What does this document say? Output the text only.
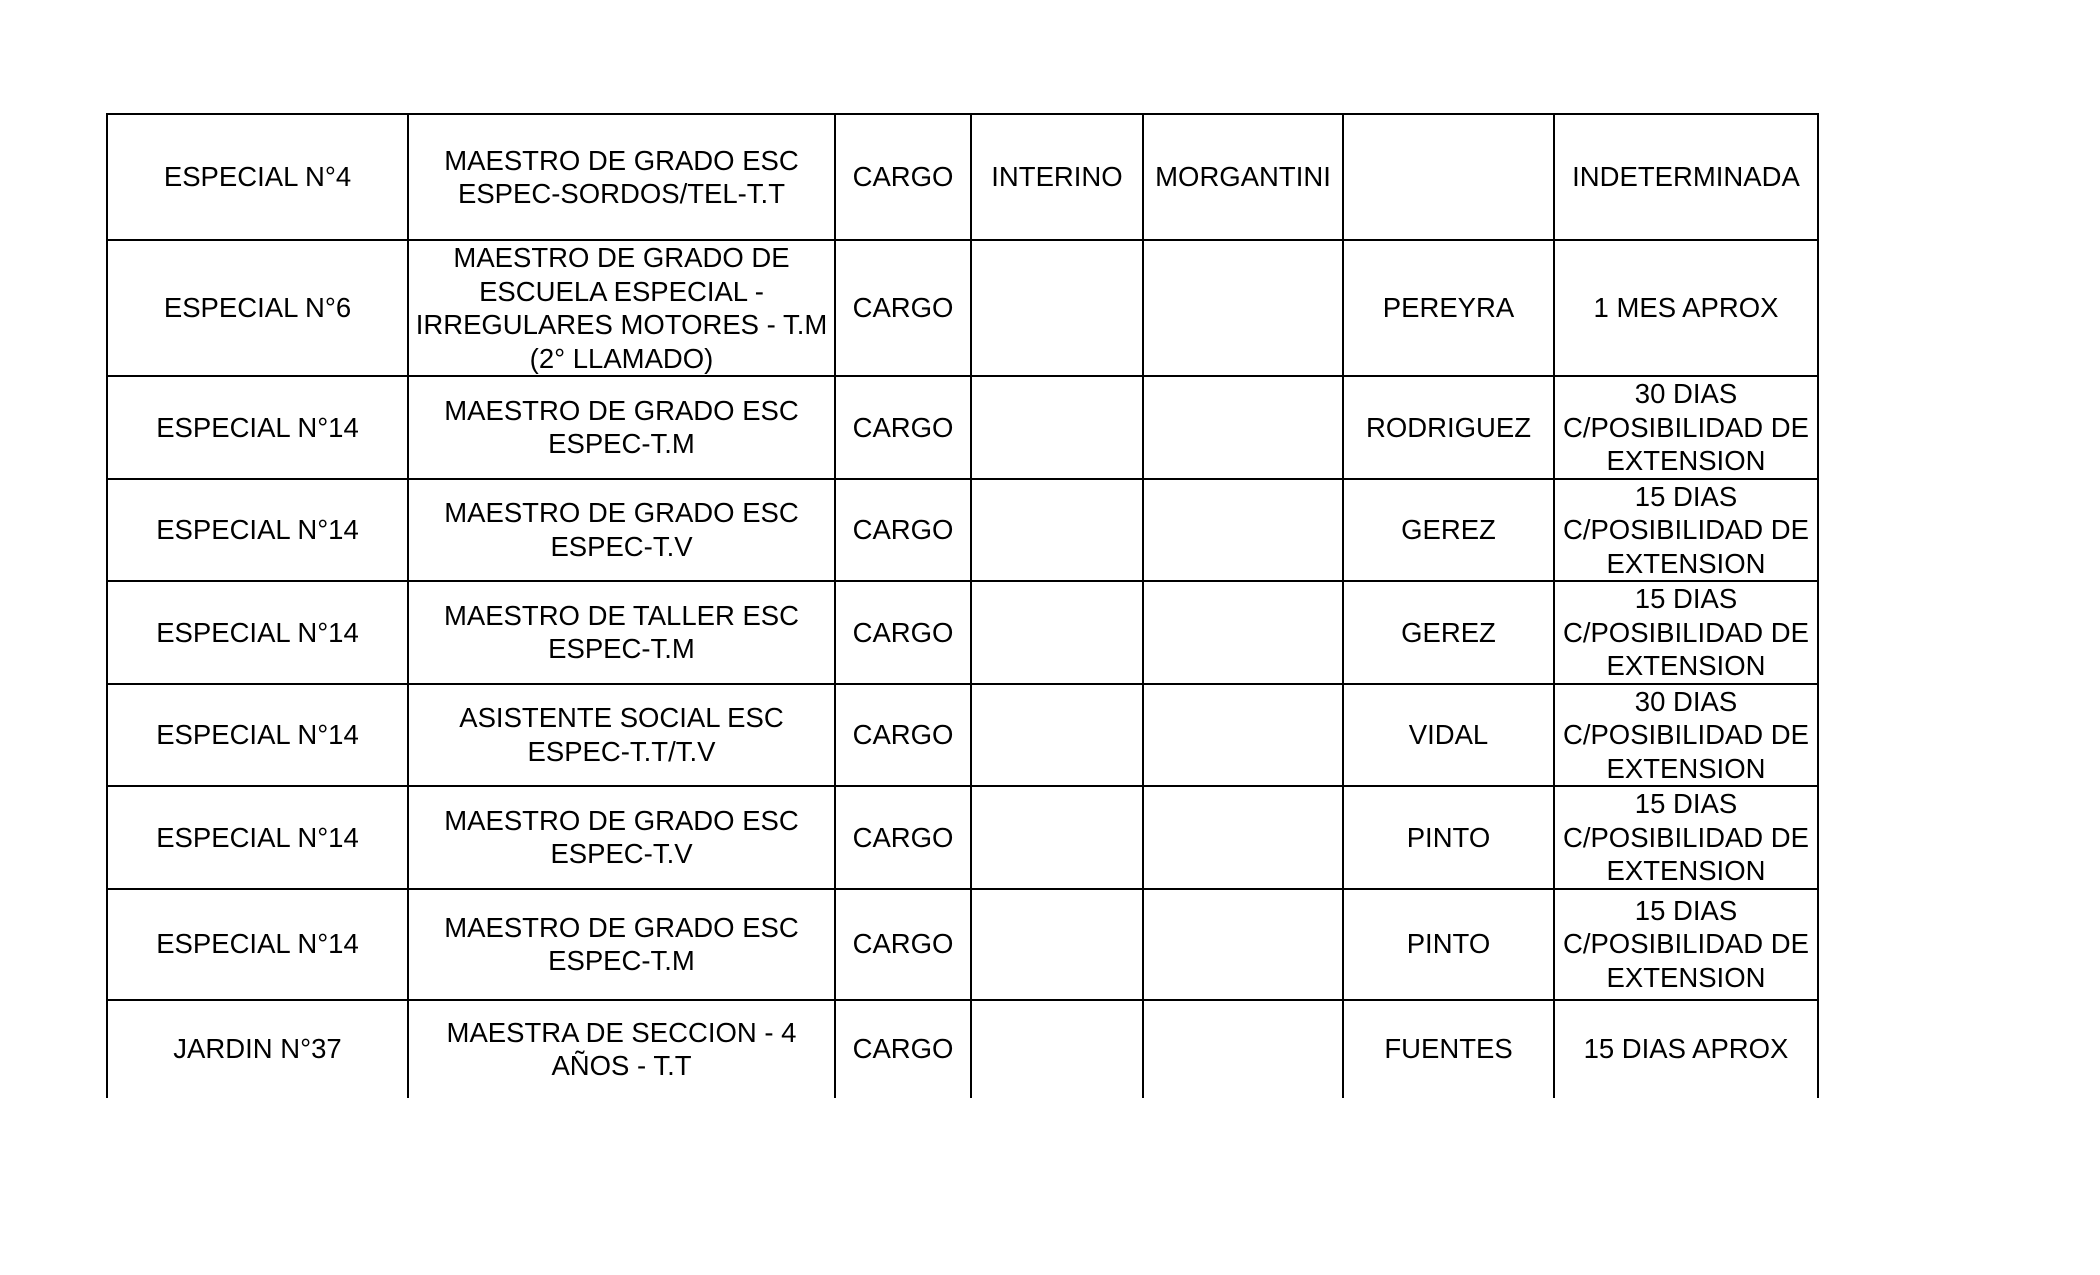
ESPECIAL N°4	MAESTRO DE GRADO ESC ESPEC-SORDOS/TEL-T.T	CARGO	INTERINO	MORGANTINI		INDETERMINADA
ESPECIAL N°6	MAESTRO DE GRADO DE ESCUELA ESPECIAL - IRREGULARES MOTORES - T.M (2° LLAMADO)	CARGO			PEREYRA	1 MES APROX
ESPECIAL N°14	MAESTRO DE GRADO ESC ESPEC-T.M	CARGO			RODRIGUEZ	30 DIAS C/POSIBILIDAD DE EXTENSION
ESPECIAL N°14	MAESTRO DE GRADO ESC ESPEC-T.V	CARGO			GEREZ	15 DIAS C/POSIBILIDAD DE EXTENSION
ESPECIAL N°14	MAESTRO DE TALLER ESC ESPEC-T.M	CARGO			GEREZ	15 DIAS C/POSIBILIDAD DE EXTENSION
ESPECIAL N°14	ASISTENTE SOCIAL ESC ESPEC-T.T/T.V	CARGO			VIDAL	30 DIAS C/POSIBILIDAD DE EXTENSION
ESPECIAL N°14	MAESTRO DE GRADO ESC ESPEC-T.V	CARGO			PINTO	15 DIAS C/POSIBILIDAD DE EXTENSION
ESPECIAL N°14	MAESTRO DE GRADO ESC ESPEC-T.M	CARGO			PINTO	15 DIAS C/POSIBILIDAD DE EXTENSION
JARDIN N°37	MAESTRA DE SECCION - 4 AÑOS - T.T	CARGO			FUENTES	15 DIAS APROX
